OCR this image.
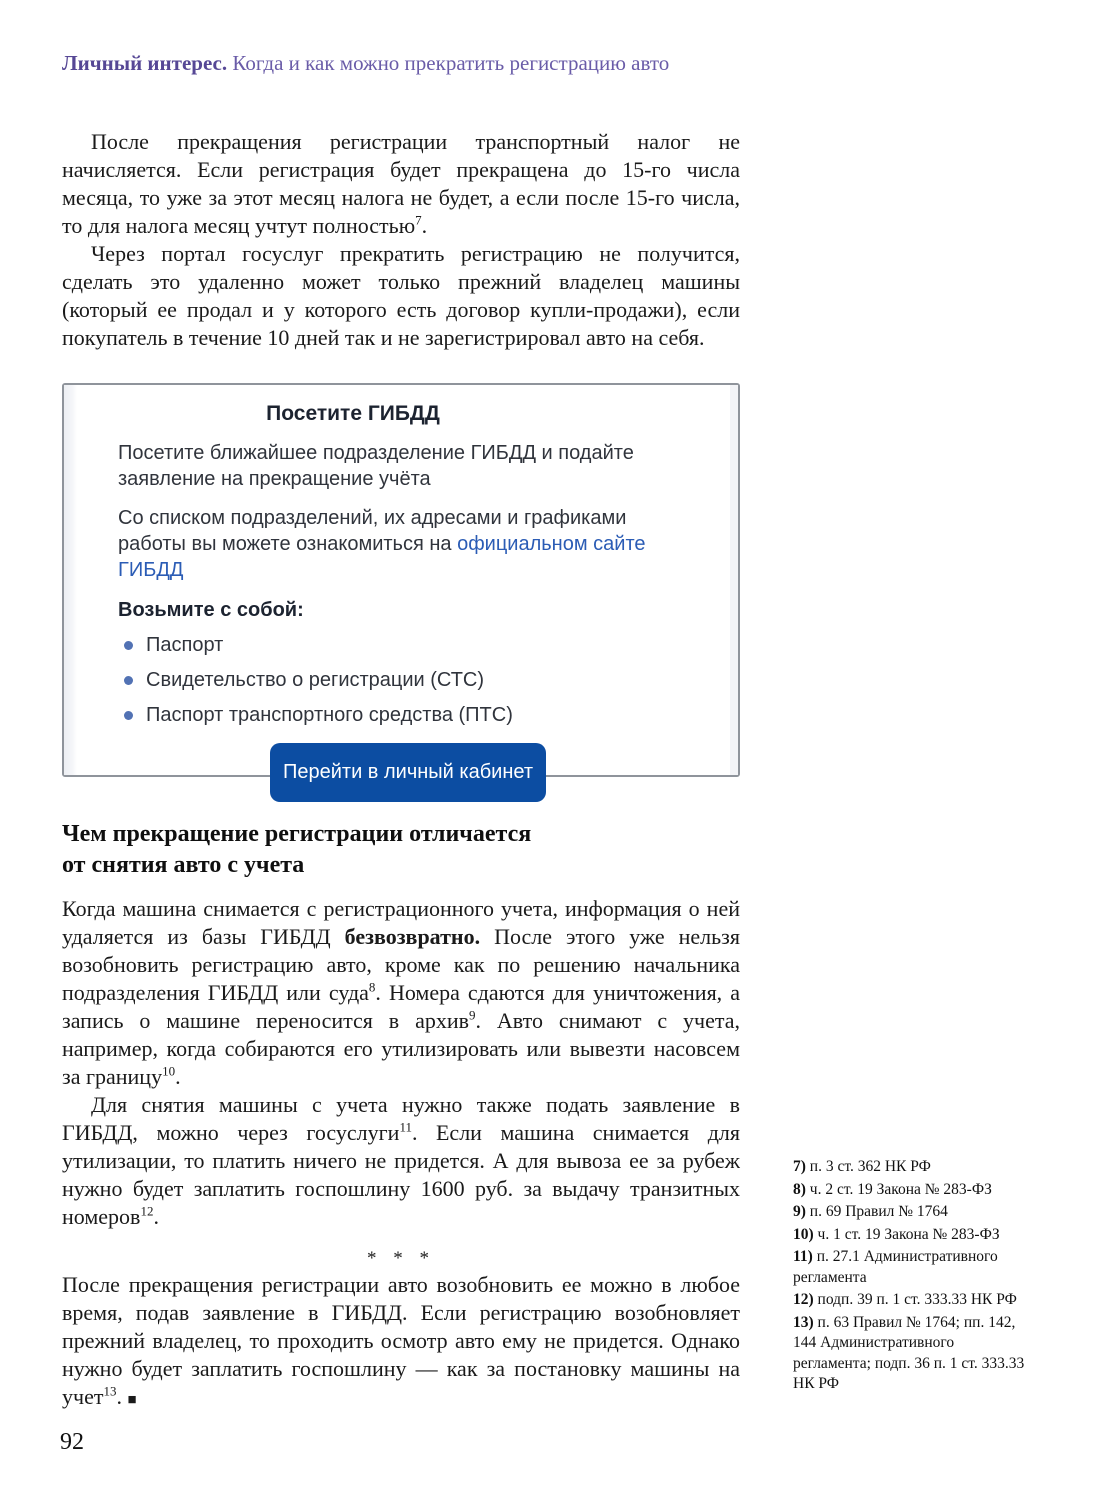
Личный интерес. Когда и как можно прекратить регистрацию авто

После прекращения регистрации транспортный налог не начисляется. Если регистрация будет прекращена до 15-го числа месяца, то уже за этот месяц налога не будет, а если после 15-го числа, то для налога месяц учтут полностью$^7$.

Через портал госуслуг прекратить регистрацию не получится, сделать это удаленно может только прежний владелец машины (который ее продал и у которого есть договор купли-продажи), если покупатель в течение 10 дней так и не зарегистрировал авто на себя.

Посетите ГИБДД

Посетите ближайшее подразделение ГИБДД и подайте заявление на прекращение учёта

Со списком подразделений, их адресами и графиками работы вы можете ознакомиться на официальном сайте ГИБДД

Возьмите с собой:
Паспорт
Свидетельство о регистрации (СТС)
Паспорт транспортного средства (ПТС)
Перейти в личный кабинет
Чем прекращение регистрации отличается от снятия авто с учета

Когда машина снимается с регистрационного учета, информация о ней удаляется из базы ГИБДД безвозвратно. После этого уже нельзя возобновить регистрацию авто, кроме как по решению начальника подразделения ГИБДД или суда$^8$. Номера сдаются для уничтожения, а запись о машине переносится в архив$^9$. Авто снимают с учета, например, когда собираются его утилизировать или вывезти насовсем за границу$^{10}$.

Для снятия машины с учета нужно также подать заявление в ГИБДД, можно через госуслуги$^{11}$. Если машина снимается для утилизации, то платить ничего не придется. А для вывоза ее за рубеж нужно будет заплатить госпошлину 1600 руб. за выдачу транзитных номеров$^{12}$.

* * *

После прекращения регистрации авто возобновить ее можно в любое время, подав заявление в ГИБДД. Если регистрацию возобновляет прежний владелец, то проходить осмотр авто ему не придется. Однако нужно будет заплатить госпошлину — как за постановку машины на учет$^{13}$. ■

7) п. 3 ст. 362 НК РФ

8) ч. 2 ст. 19 Закона № 283-ФЗ

9) п. 69 Правил № 1764

10) ч. 1 ст. 19 Закона № 283-ФЗ

11) п. 27.1 Административного регламента

12) подп. 39 п. 1 ст. 333.33 НК РФ

13) п. 63 Правил № 1764; пп. 142, 144 Административного регламента; подп. 36 п. 1 ст. 333.33 НК РФ

92
